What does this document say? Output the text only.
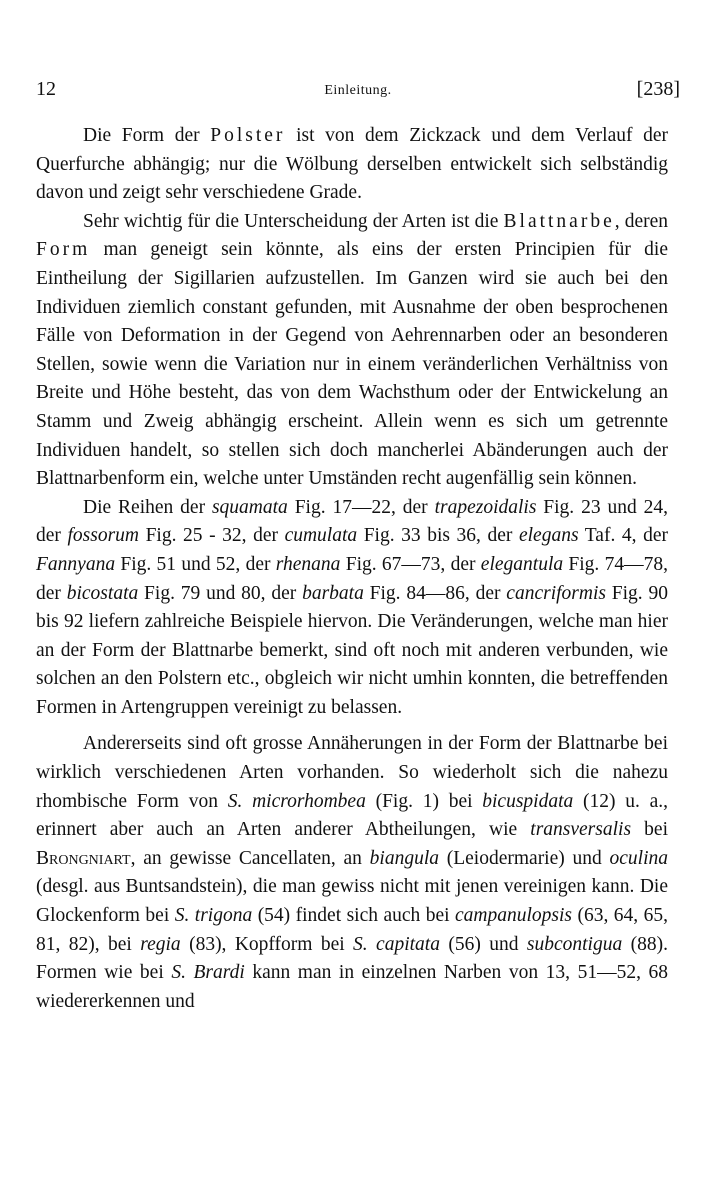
12	Einleitung.	[238]

Die Form der Polster ist von dem Zickzack und dem Verlauf der Querfurche abhängig; nur die Wölbung derselben entwickelt sich selbständig davon und zeigt sehr verschiedene Grade.

Sehr wichtig für die Unterscheidung der Arten ist die Blattnarbe, deren Form man geneigt sein könnte, als eins der ersten Principien für die Eintheilung der Sigillarien aufzustellen. Im Ganzen wird sie auch bei den Individuen ziemlich constant gefunden, mit Ausnahme der oben besprochenen Fälle von Deformation in der Gegend von Aehrennarben oder an besonderen Stellen, sowie wenn die Variation nur in einem veränderlichen Verhältniss von Breite und Höhe besteht, das von dem Wachsthum oder der Entwickelung an Stamm und Zweig abhängig erscheint. Allein wenn es sich um getrennte Individuen handelt, so stellen sich doch mancherlei Abänderungen auch der Blattnarbenform ein, welche unter Umständen recht augenfällig sein können.

Die Reihen der squamata Fig. 17—22, der trapezoidalis Fig. 23 und 24, der fossorum Fig. 25 - 32, der cumulata Fig. 33 bis 36, der elegans Taf. 4, der Fannyana Fig. 51 und 52, der rhenana Fig. 67—73, der elegantula Fig. 74—78, der bicostata Fig. 79 und 80, der barbata Fig. 84—86, der cancriformis Fig. 90 bis 92 liefern zahlreiche Beispiele hiervon. Die Veränderungen, welche man hier an der Form der Blattnarbe bemerkt, sind oft noch mit anderen verbunden, wie solchen an den Polstern etc., obgleich wir nicht umhin konnten, die betreffenden Formen in Artengruppen vereinigt zu belassen.

Andererseits sind oft grosse Annäherungen in der Form der Blattnarbe bei wirklich verschiedenen Arten vorhanden. So wiederholt sich die nahezu rhombische Form von S. microrhombea (Fig. 1) bei bicuspidata (12) u. a., erinnert aber auch an Arten anderer Abtheilungen, wie transversalis bei Brongniart, an gewisse Cancellaten, an biangula (Leiodermarie) und oculina (desgl. aus Buntsandstein), die man gewiss nicht mit jenen vereinigen kann. Die Glockenform bei S. trigona (54) findet sich auch bei campanulopsis (63, 64, 65, 81, 82), bei regia (83), Kopfform bei S. capitata (56) und subcontigua (88). Formen wie bei S. Brardi kann man in einzelnen Narben von 13, 51—52, 68 wiedererkennen und
